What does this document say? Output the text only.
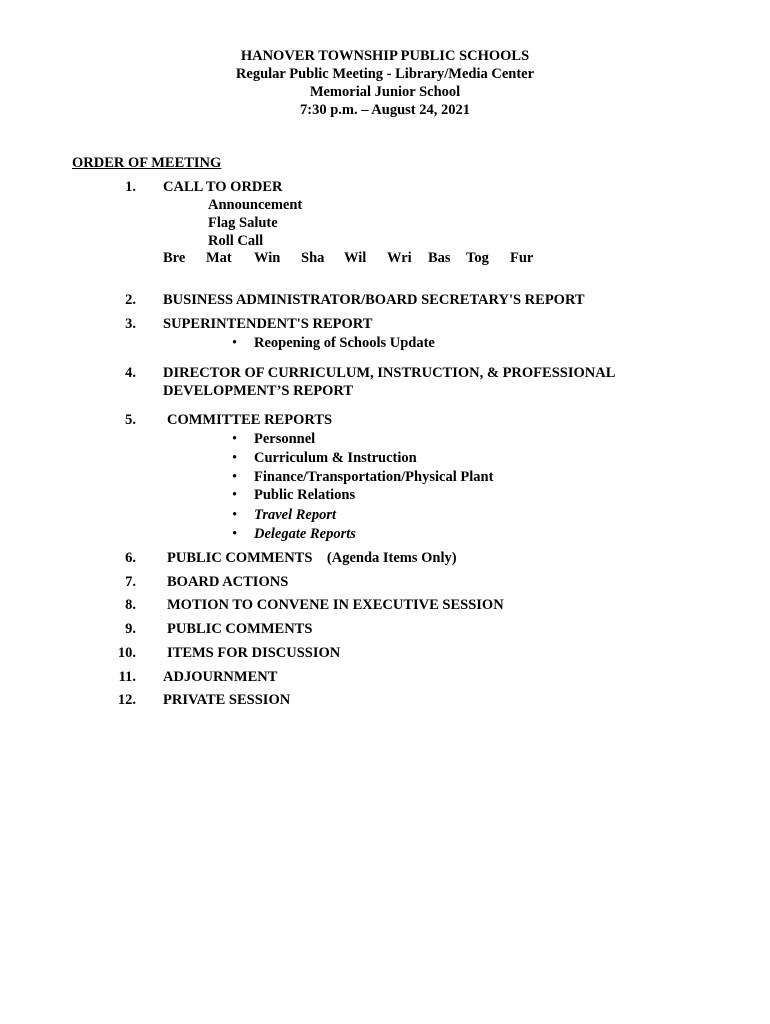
HANOVER TOWNSHIP PUBLIC SCHOOLS
Regular Public Meeting - Library/Media Center
Memorial Junior School
7:30 p.m. – August 24, 2021
ORDER OF MEETING
1. CALL TO ORDER
Announcement
Flag Salute
Roll Call
Bre Mat Win Sha Wil Wri Bas Tog Fur
2. BUSINESS ADMINISTRATOR/BOARD SECRETARY'S REPORT
3. SUPERINTENDENT'S REPORT
• Reopening of Schools Update
4. DIRECTOR OF CURRICULUM, INSTRUCTION, & PROFESSIONAL
DEVELOPMENT’S REPORT
5. COMMITTEE REPORTS
• Personnel
• Curriculum & Instruction
• Finance/Transportation/Physical Plant
• Public Relations
• Travel Report
• Delegate Reports
6. PUBLIC COMMENTS    (Agenda Items Only)
7. BOARD ACTIONS
8. MOTION TO CONVENE IN EXECUTIVE SESSION
9. PUBLIC COMMENTS
10. ITEMS FOR DISCUSSION
11. ADJOURNMENT
12. PRIVATE SESSION
